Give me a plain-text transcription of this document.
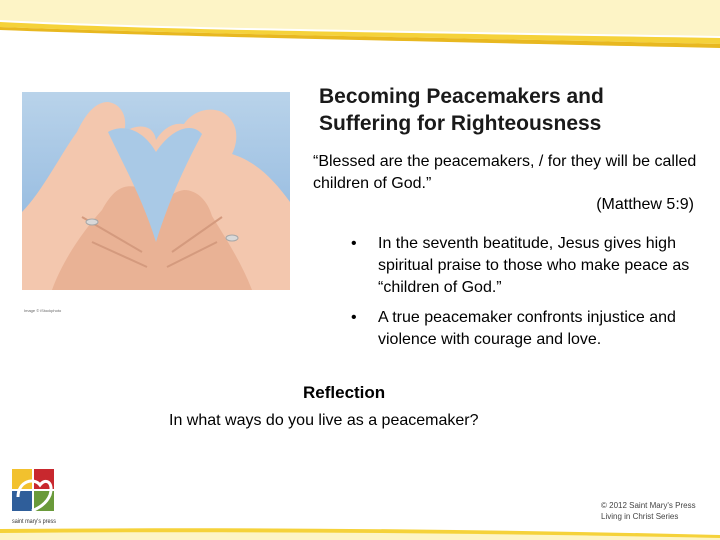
Image © iStockphoto
Becoming Peacemakers and Suffering for Righteousness
“Blessed are the peacemakers, / for they will be called children of God.”
(Matthew 5:9)
• In the seventh beatitude, Jesus gives high spiritual praise to those who make peace as “children of God.”
• A true peacemaker confronts injustice and violence with courage and love.
Reflection
In what ways do you live as a peacemaker?
saint mary's press
© 2012 Saint Mary's Press
Living in Christ Series
